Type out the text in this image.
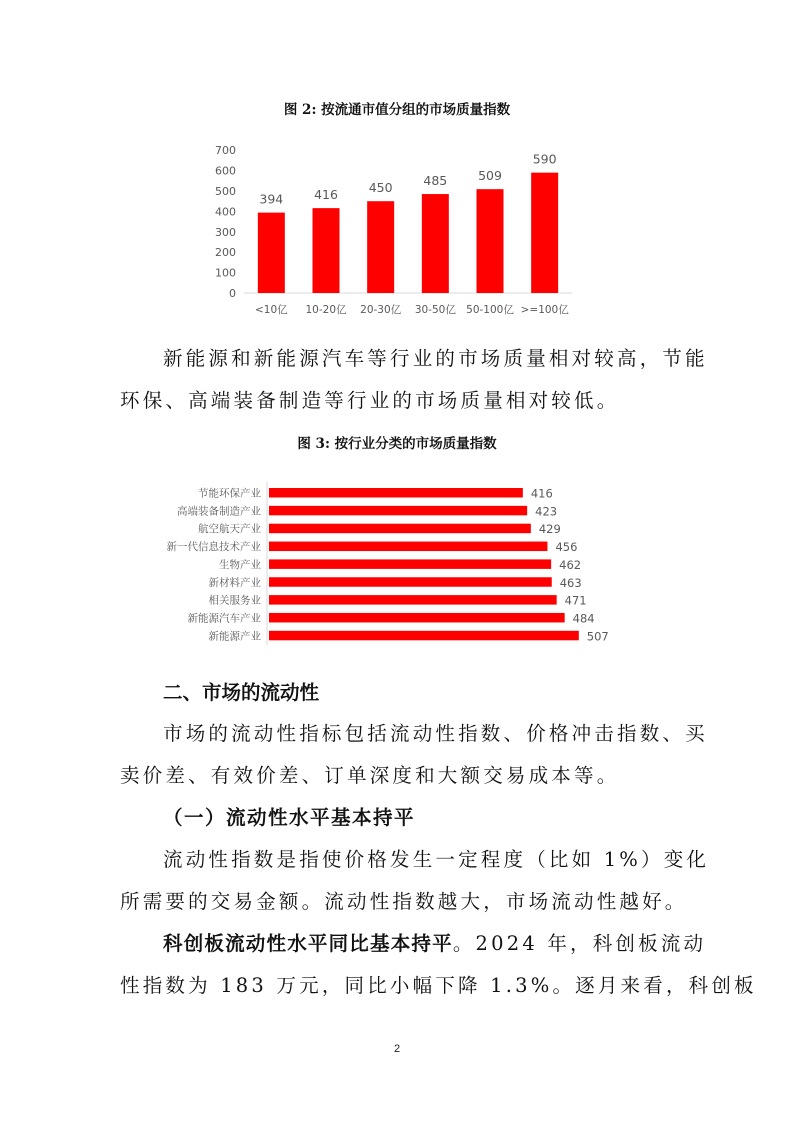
图 2: 按流通市值分组的市场质量指数
0
100
200
300
400
500
600
700
394
<10亿
416
10-20亿
450
20-30亿
485
30-50亿
509
50-100亿
590
>=100亿
新能源和新能源汽车等行业的市场质量相对较高，节能
环保、高端装备制造等行业的市场质量相对较低。
图 3: 按行业分类的市场质量指数
节能环保产业	416
高端装备制造产业	423
航空航天产业	429
新一代信息技术产业	456
生物产业	462
新材料产业	463
相关服务业	471
新能源汽车产业	484
新能源产业	507
二、市场的流动性
市场的流动性指标包括流动性指数、价格冲击指数、买
卖价差、有效价差、订单深度和大额交易成本等。
（一）流动性水平基本持平
流动性指数是指使价格发生一定程度（比如 1%）变化
所需要的交易金额。流动性指数越大，市场流动性越好。
科创板流动性水平同比基本持平。2024 年，科创板流动
性指数为 183 万元，同比小幅下降 1.3%。逐月来看，科创板
2
